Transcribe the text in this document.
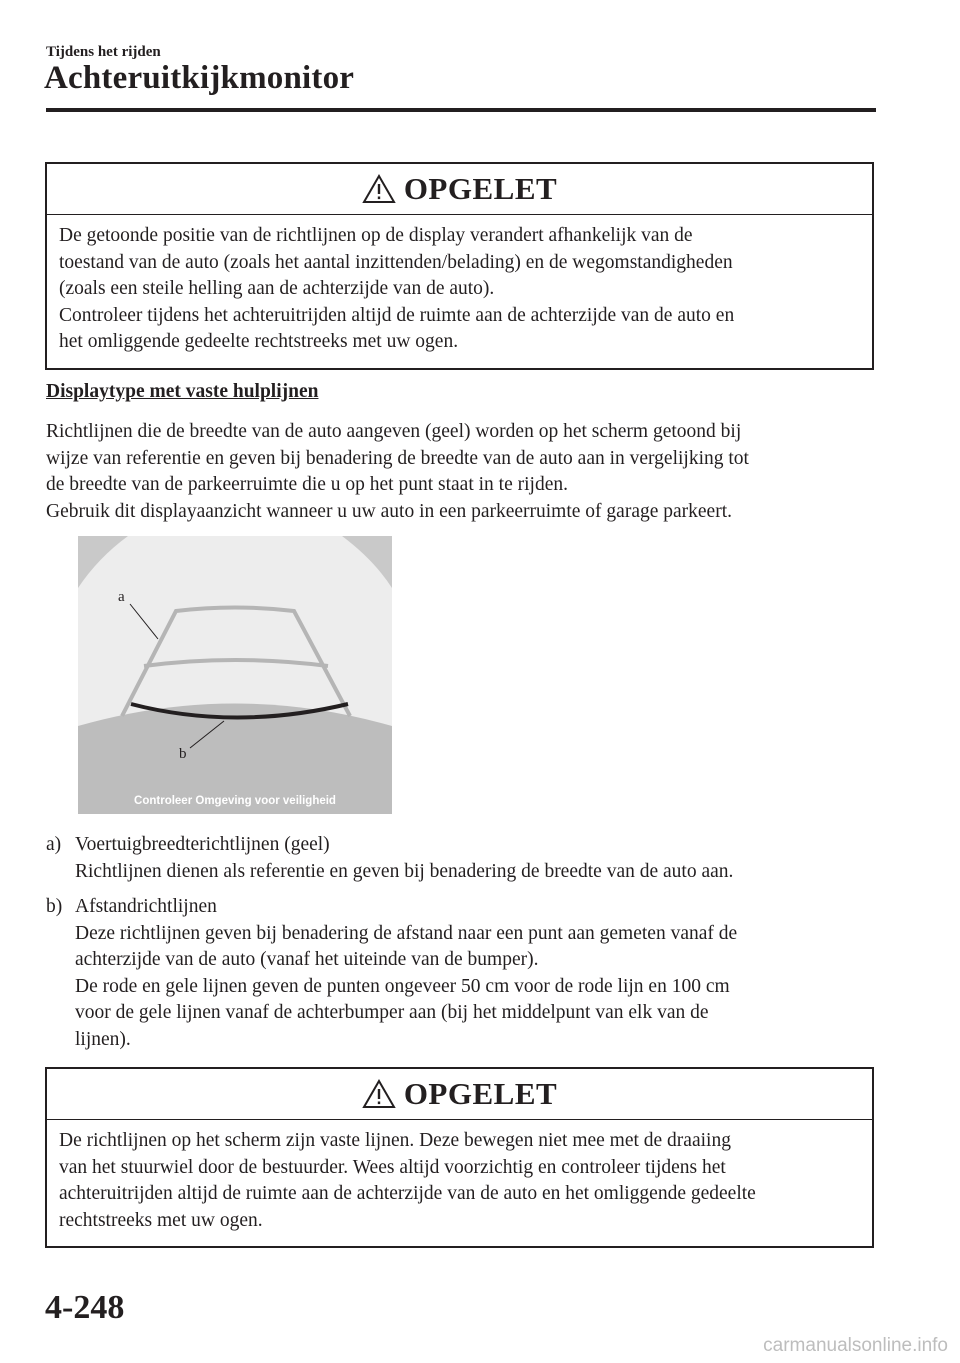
Tijdens het rijden
Achteruitkijkmonitor
OPGELET

De getoonde positie van de richtlijnen op de display verandert afhankelijk van de

toestand van de auto (zoals het aantal inzittenden/belading) en de wegomstandigheden

(zoals een steile helling aan de achterzijde van de auto).

Controleer tijdens het achteruitrijden altijd de ruimte aan de achterzijde van de auto en

het omliggende gedeelte rechtstreeks met uw ogen.

Displaytype met vaste hulplijnen

Richtlijnen die de breedte van de auto aangeven (geel) worden op het scherm getoond bij

wijze van referentie en geven bij benadering de breedte van de auto aan in vergelijking tot

de breedte van de parkeerruimte die u op het punt staat in te rijden.

Gebruik dit displayaanzicht wanneer u uw auto in een parkeerruimte of garage parkeert.

a
b
Controleer Omgeving voor veiligheid
a) Voertuigbreedterichtlijnen (geel)

Richtlijnen dienen als referentie en geven bij benadering de breedte van de auto aan.

b) Afstandrichtlijnen

Deze richtlijnen geven bij benadering de afstand naar een punt aan gemeten vanaf de

achterzijde van de auto (vanaf het uiteinde van de bumper).

De rode en gele lijnen geven de punten ongeveer 50 cm voor de rode lijn en 100 cm

voor de gele lijnen vanaf de achterbumper aan (bij het middelpunt van elk van de

lijnen).

OPGELET

De richtlijnen op het scherm zijn vaste lijnen. Deze bewegen niet mee met de draaiing

van het stuurwiel door de bestuurder. Wees altijd voorzichtig en controleer tijdens het

achteruitrijden altijd de ruimte aan de achterzijde van de auto en het omliggende gedeelte

rechtstreeks met uw ogen.

4-248
carmanualsonline.info
